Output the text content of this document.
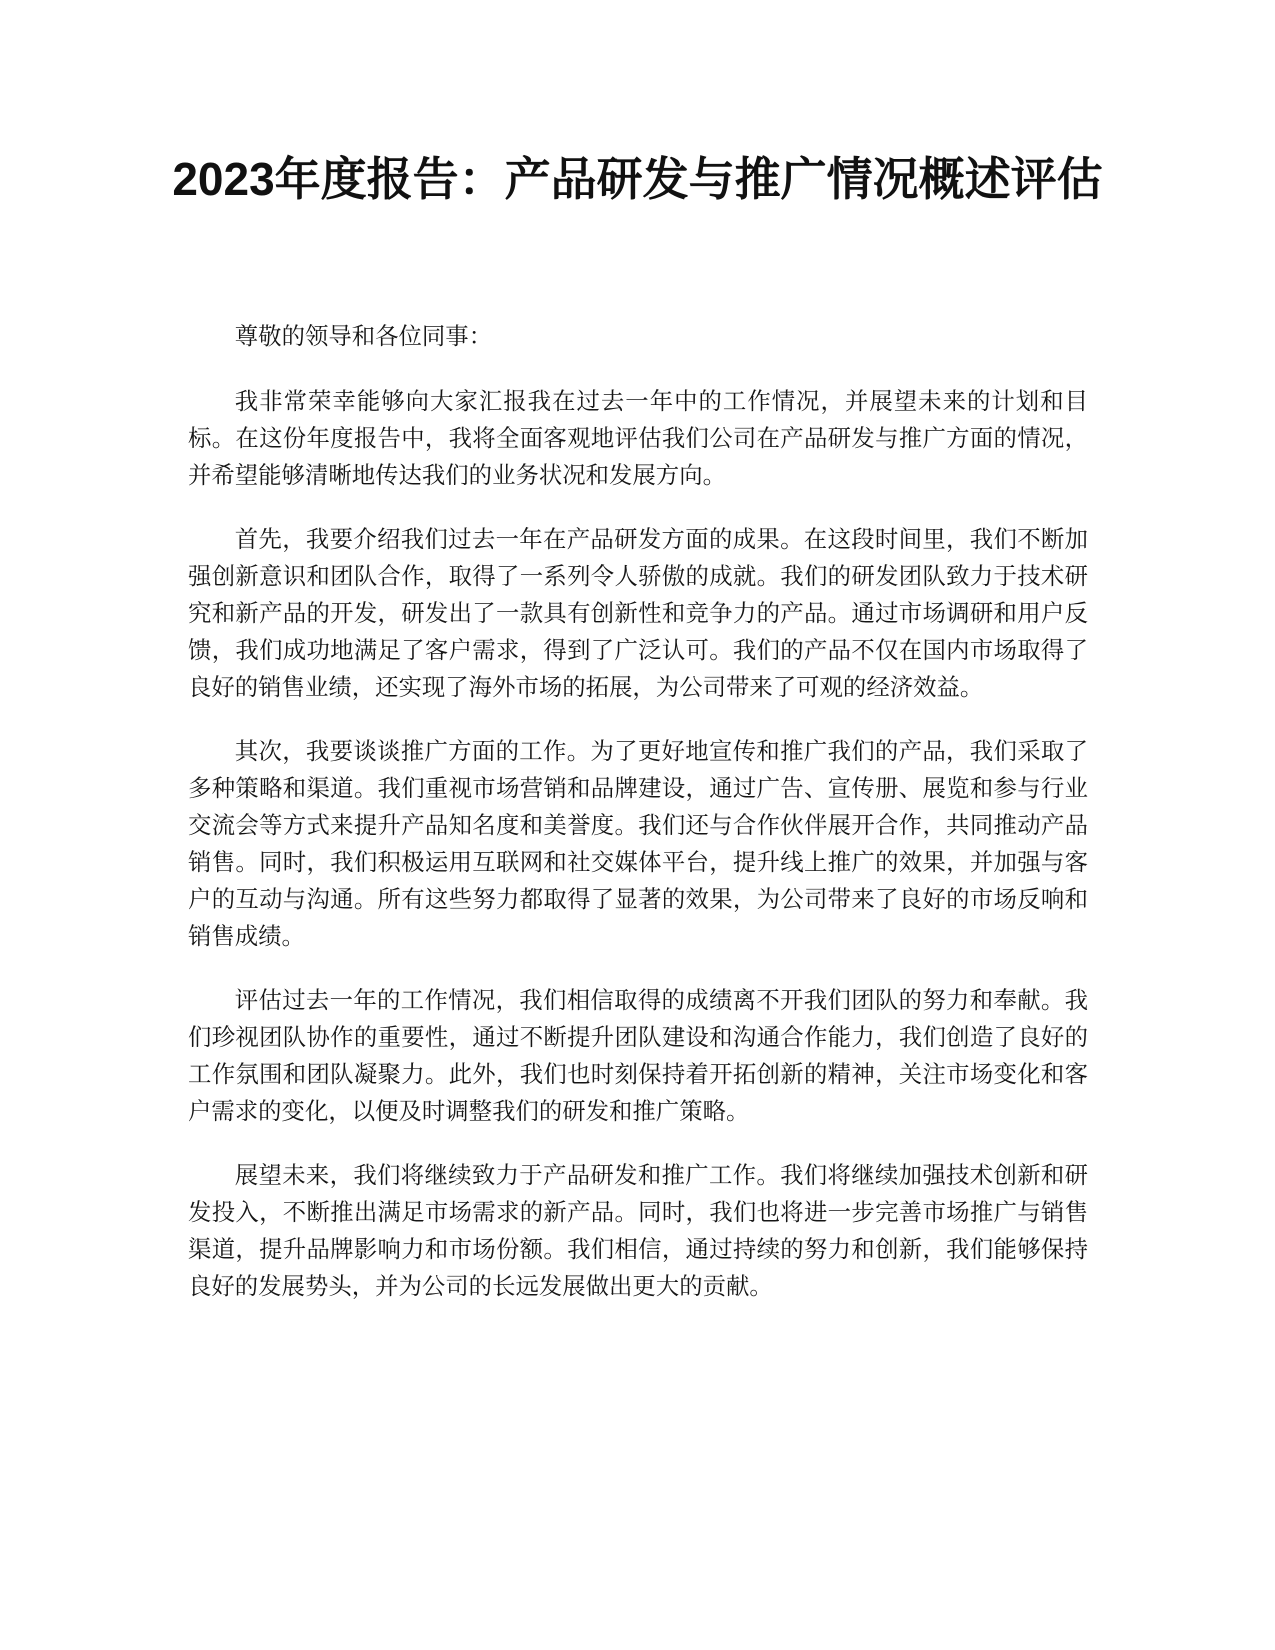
2023年度报告：产品研发与推广情况概述评估

尊敬的领导和各位同事：

我非常荣幸能够向大家汇报我在过去一年中的工作情况，并展望未来的计划和目标。在这份年度报告中，我将全面客观地评估我们公司在产品研发与推广方面的情况，并希望能够清晰地传达我们的业务状况和发展方向。

首先，我要介绍我们过去一年在产品研发方面的成果。在这段时间里，我们不断加强创新意识和团队合作，取得了一系列令人骄傲的成就。我们的研发团队致力于技术研究和新产品的开发，研发出了一款具有创新性和竞争力的产品。通过市场调研和用户反馈，我们成功地满足了客户需求，得到了广泛认可。我们的产品不仅在国内市场取得了良好的销售业绩，还实现了海外市场的拓展，为公司带来了可观的经济效益。

其次，我要谈谈推广方面的工作。为了更好地宣传和推广我们的产品，我们采取了多种策略和渠道。我们重视市场营销和品牌建设，通过广告、宣传册、展览和参与行业交流会等方式来提升产品知名度和美誉度。我们还与合作伙伴展开合作，共同推动产品销售。同时，我们积极运用互联网和社交媒体平台，提升线上推广的效果，并加强与客户的互动与沟通。所有这些努力都取得了显著的效果，为公司带来了良好的市场反响和销售成绩。

评估过去一年的工作情况，我们相信取得的成绩离不开我们团队的努力和奉献。我们珍视团队协作的重要性，通过不断提升团队建设和沟通合作能力，我们创造了良好的工作氛围和团队凝聚力。此外，我们也时刻保持着开拓创新的精神，关注市场变化和客户需求的变化，以便及时调整我们的研发和推广策略。

展望未来，我们将继续致力于产品研发和推广工作。我们将继续加强技术创新和研发投入，不断推出满足市场需求的新产品。同时，我们也将进一步完善市场推广与销售渠道，提升品牌影响力和市场份额。我们相信，通过持续的努力和创新，我们能够保持良好的发展势头，并为公司的长远发展做出更大的贡献。
